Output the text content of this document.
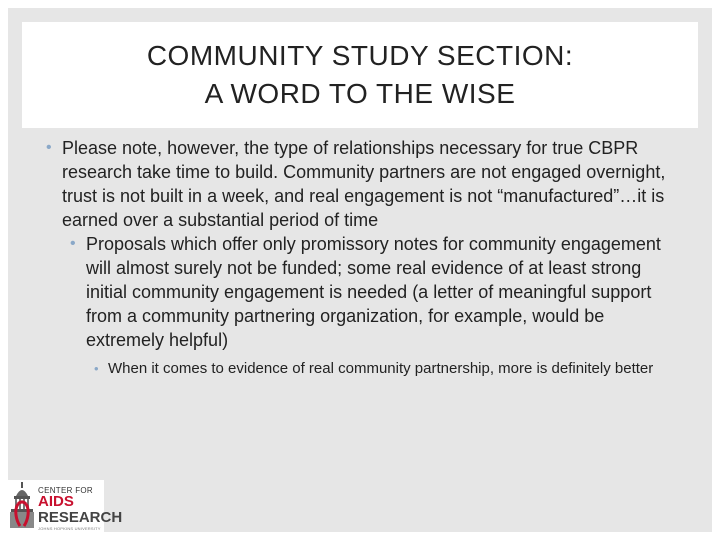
COMMUNITY STUDY SECTION:
A WORD TO THE WISE
• Please note, however, the type of relationships necessary for true CBPR research take time to build. Community partners are not engaged overnight, trust is not built in a week, and real engagement is not “manufactured”…it is earned over a substantial period of time
• Proposals which offer only promissory notes for community engagement will almost surely not be funded; some real evidence of at least strong initial community engagement is needed (a letter of meaningful support from a community partnering organization, for example, would be extremely helpful)
• When it comes to evidence of real community partnership, more is definitely better
CENTER FOR
AIDS
RESEARCH
JOHNS HOPKINS UNIVERSITY
